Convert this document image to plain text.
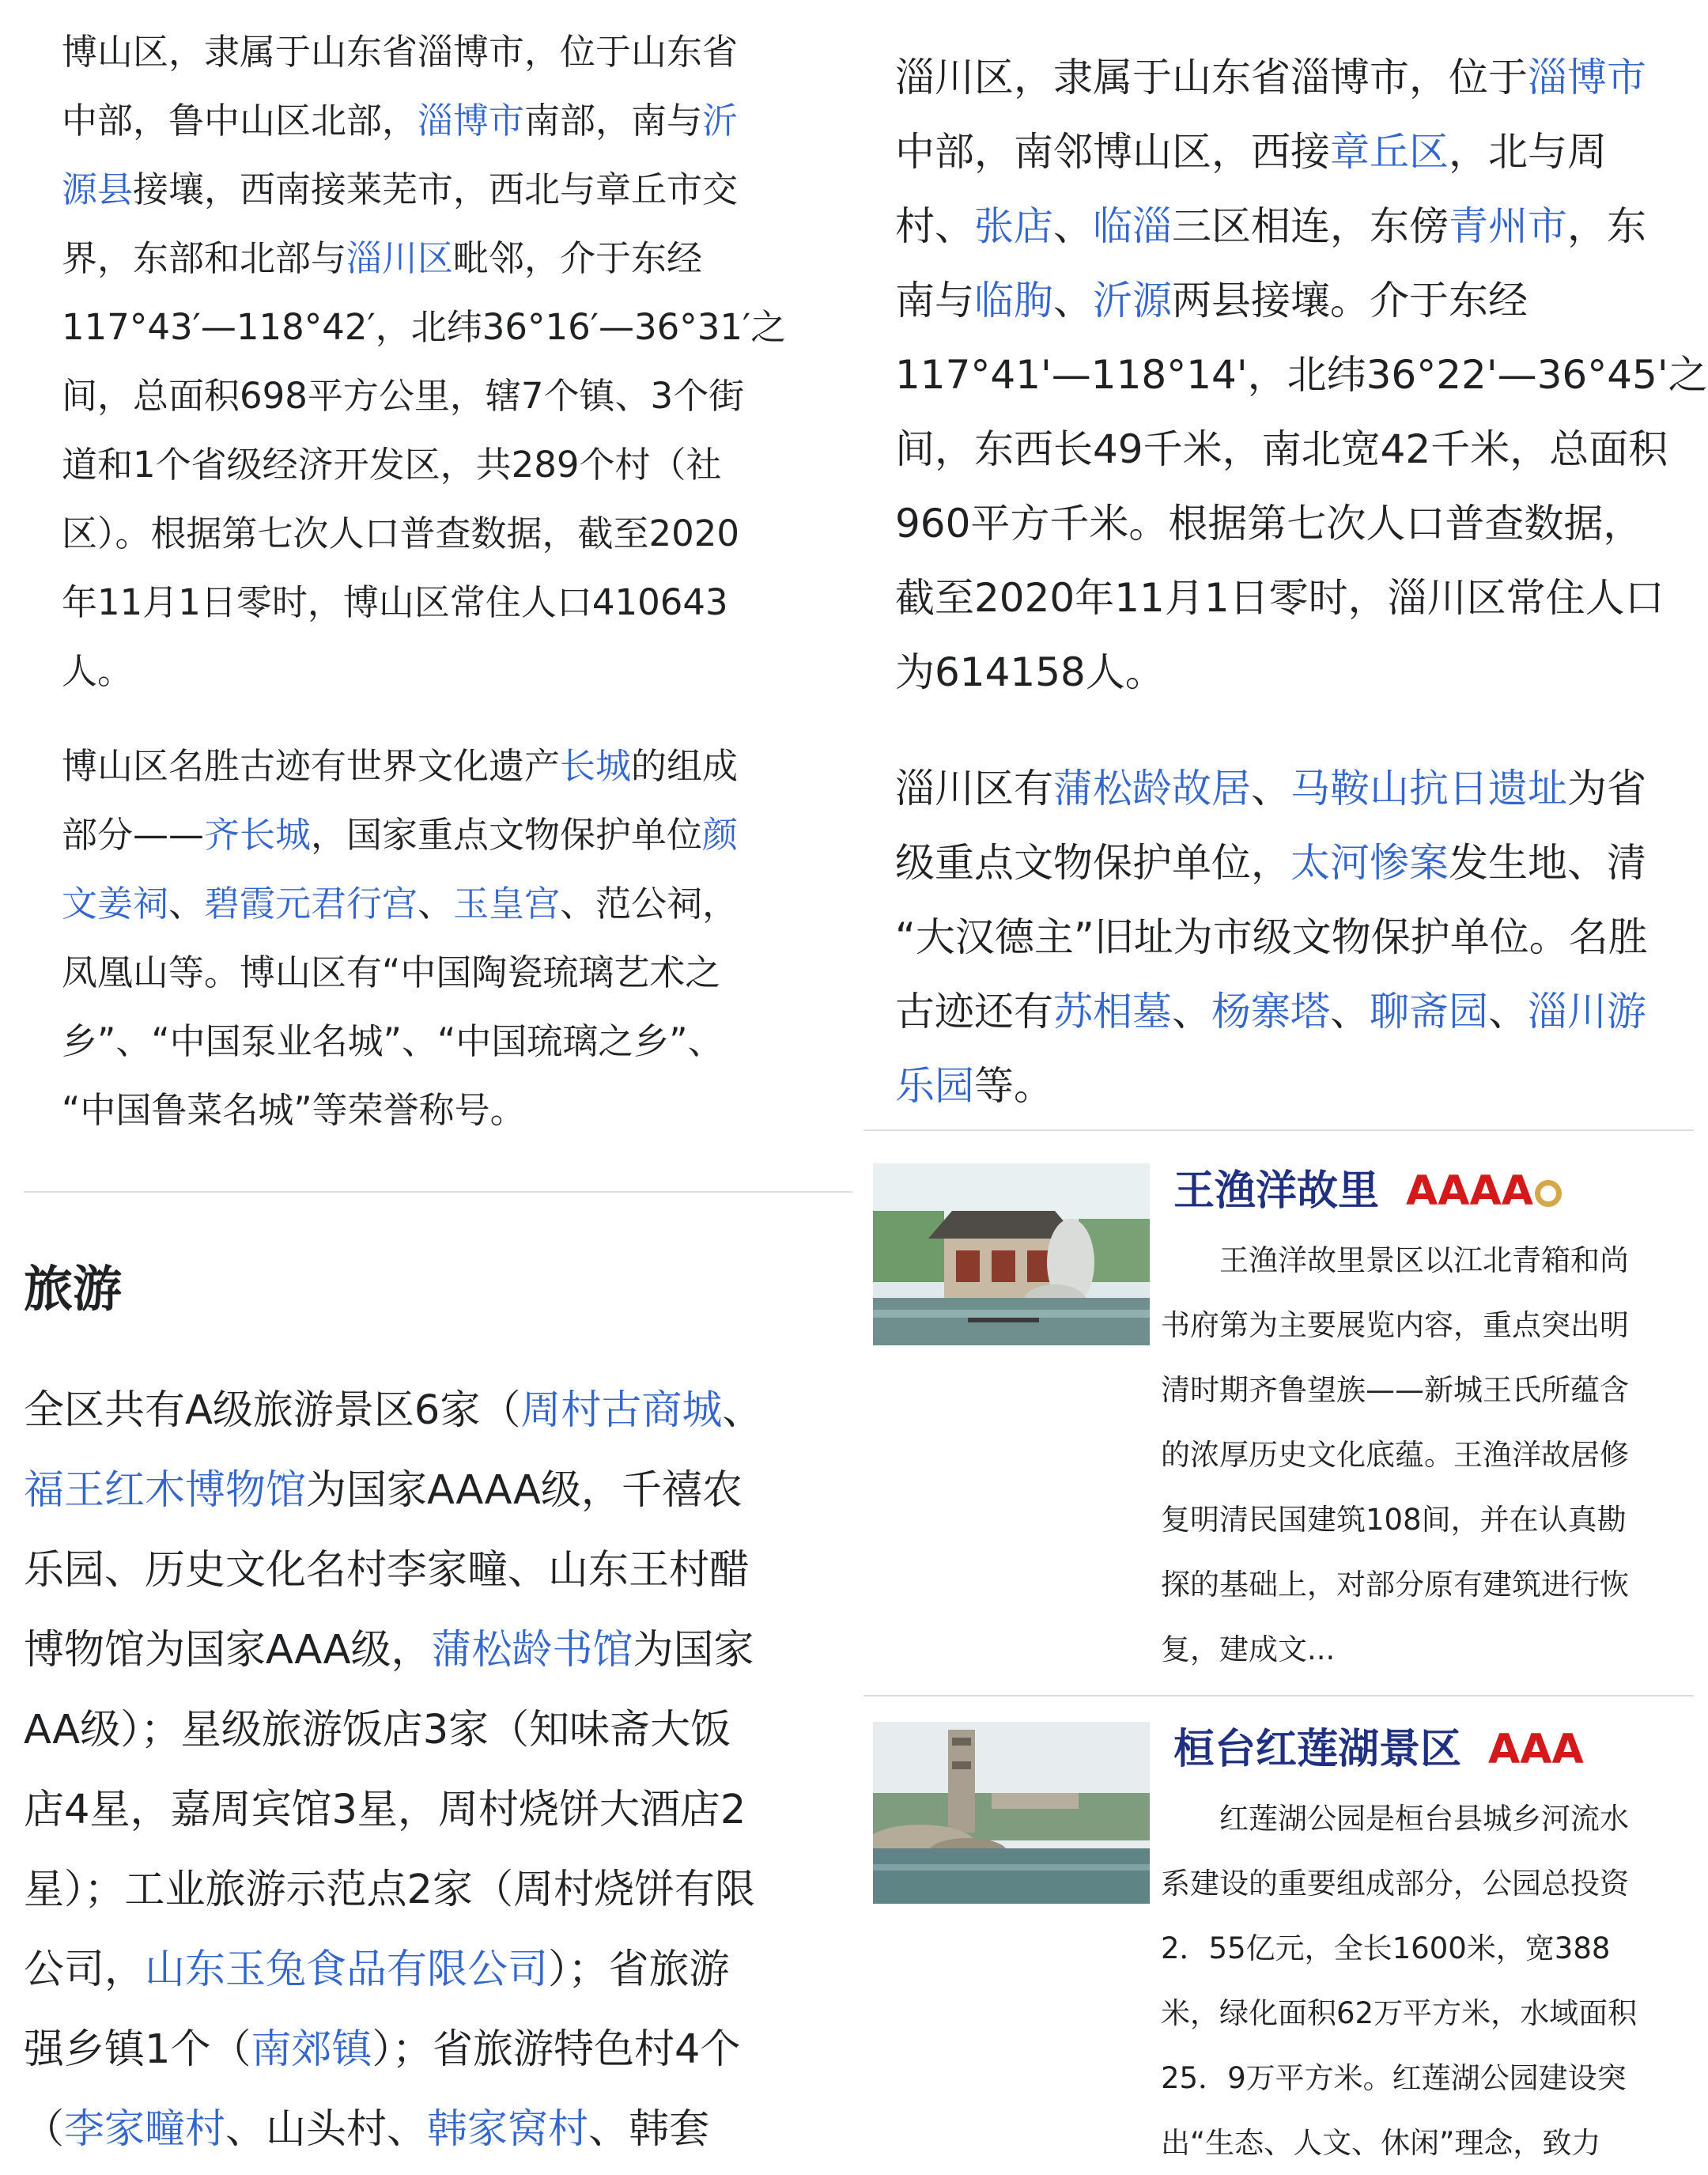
博山区，隶属于山东省淄博市，位于山东省
中部，鲁中山区北部，淄博市南部，南与沂
源县接壤，西南接莱芜市，西北与章丘市交
界，东部和北部与淄川区毗邻，介于东经
117°43′—118°42′，北纬36°16′—36°31′之
间，总面积698平方公里，辖7个镇、3个街
道和1个省级经济开发区，共289个村（社
区）。根据第七次人口普查数据，截至2020
年11月1日零时，博山区常住人口410643
人。

博山区名胜古迹有世界文化遗产长城的组成
部分——齐长城，国家重点文物保护单位颜
文姜祠、碧霞元君行宫、玉皇宫、范公祠，
凤凰山等。博山区有“中国陶瓷琉璃艺术之
乡”、“中国泵业名城”、“中国琉璃之乡”、
“中国鲁菜名城”等荣誉称号。

旅游

全区共有A级旅游景区6家（周村古商城、
福王红木博物馆为国家AAAA级，千禧农
乐园、历史文化名村李家疃、山东王村醋
博物馆为国家AAA级，蒲松龄书馆为国家
AA级）；星级旅游饭店3家（知味斋大饭
店4星，嘉周宾馆3星，周村烧饼大酒店2
星）；工业旅游示范点2家（周村烧饼有限
公司，山东玉兔食品有限公司）；省旅游
强乡镇1个（南郊镇）；省旅游特色村4个
（李家疃村、山头村、韩家窝村、韩套

淄川区，隶属于山东省淄博市，位于淄博市
中部，南邻博山区，西接章丘区，北与周
村、张店、临淄三区相连，东傍青州市，东
南与临朐、沂源两县接壤。介于东经
117°41'—118°14'，北纬36°22'—36°45'之
间，东西长49千米，南北宽42千米，总面积
960平方千米。根据第七次人口普查数据，
截至2020年11月1日零时，淄川区常住人口
为614158人。

淄川区有蒲松龄故居、马鞍山抗日遗址为省
级重点文物保护单位，太河惨案发生地、清
“大汉德主”旧址为市级文物保护单位。名胜
古迹还有苏相墓、杨寨塔、聊斋园、淄川游
乐园等。

王渔洋故里 AAAA

　　王渔洋故里景区以江北青箱和尚
书府第为主要展览内容，重点突出明
清时期齐鲁望族——新城王氏所蕴含
的浓厚历史文化底蕴。王渔洋故居修
复明清民国建筑108间，并在认真勘
探的基础上，对部分原有建筑进行恢
复，建成文...

桓台红莲湖景区 AAA

　　红莲湖公园是桓台县城乡河流水
系建设的重要组成部分，公园总投资
2．55亿元，全长1600米，宽388
米，绿化面积62万平方米，水域面积
25．9万平方米。红莲湖公园建设突
出“生态、人文、休闲”理念，致力
